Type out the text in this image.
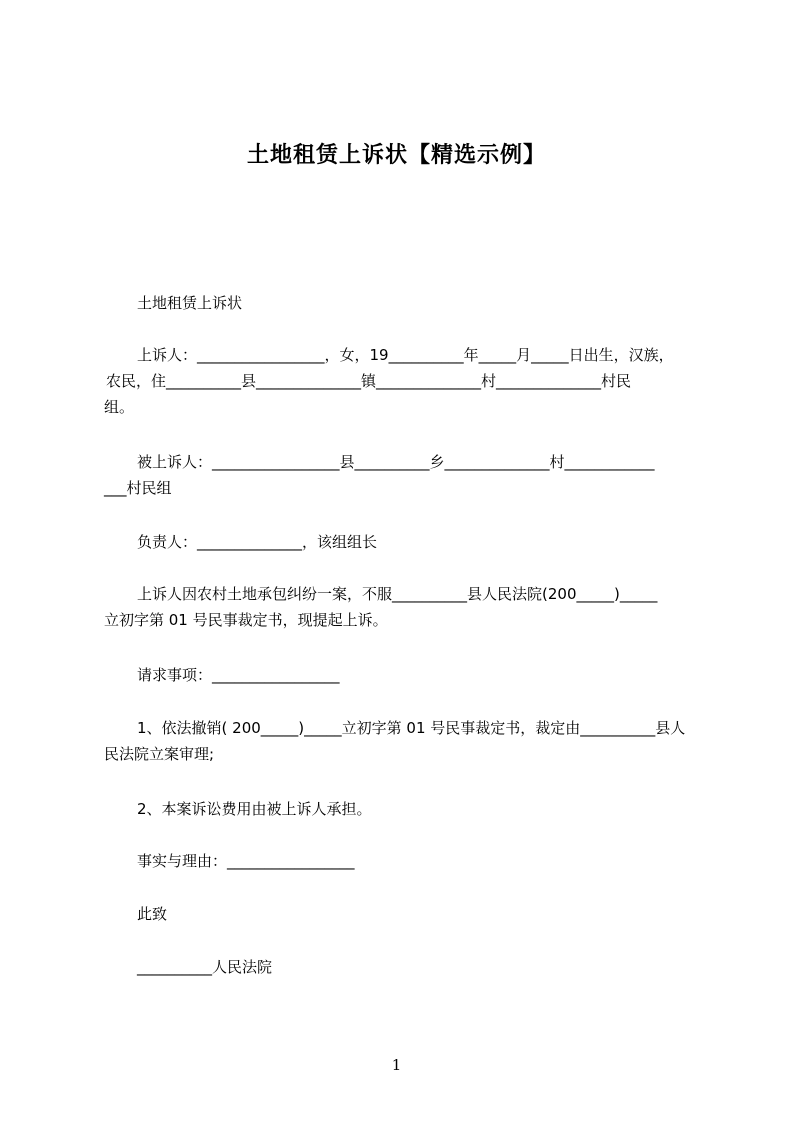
土地租赁上诉状【精选示例】
土地租赁上诉状
上诉人：_________________，女，19__________年_____月_____日出生，汉族，
农民，住__________县______________镇______________村______________村民
组。
被上诉人：_________________县__________乡______________村____________
___村民组
负责人：______________，该组组长
上诉人因农村土地承包纠纷一案，不服__________县人民法院(200_____)_____
立初字第 01 号民事裁定书，现提起上诉。
请求事项：_________________
1、依法撤销( 200_____)_____立初字第 01 号民事裁定书，裁定由__________县人
民法院立案审理;
2、本案诉讼费用由被上诉人承担。
事实与理由：_________________
此致
__________人民法院
1
